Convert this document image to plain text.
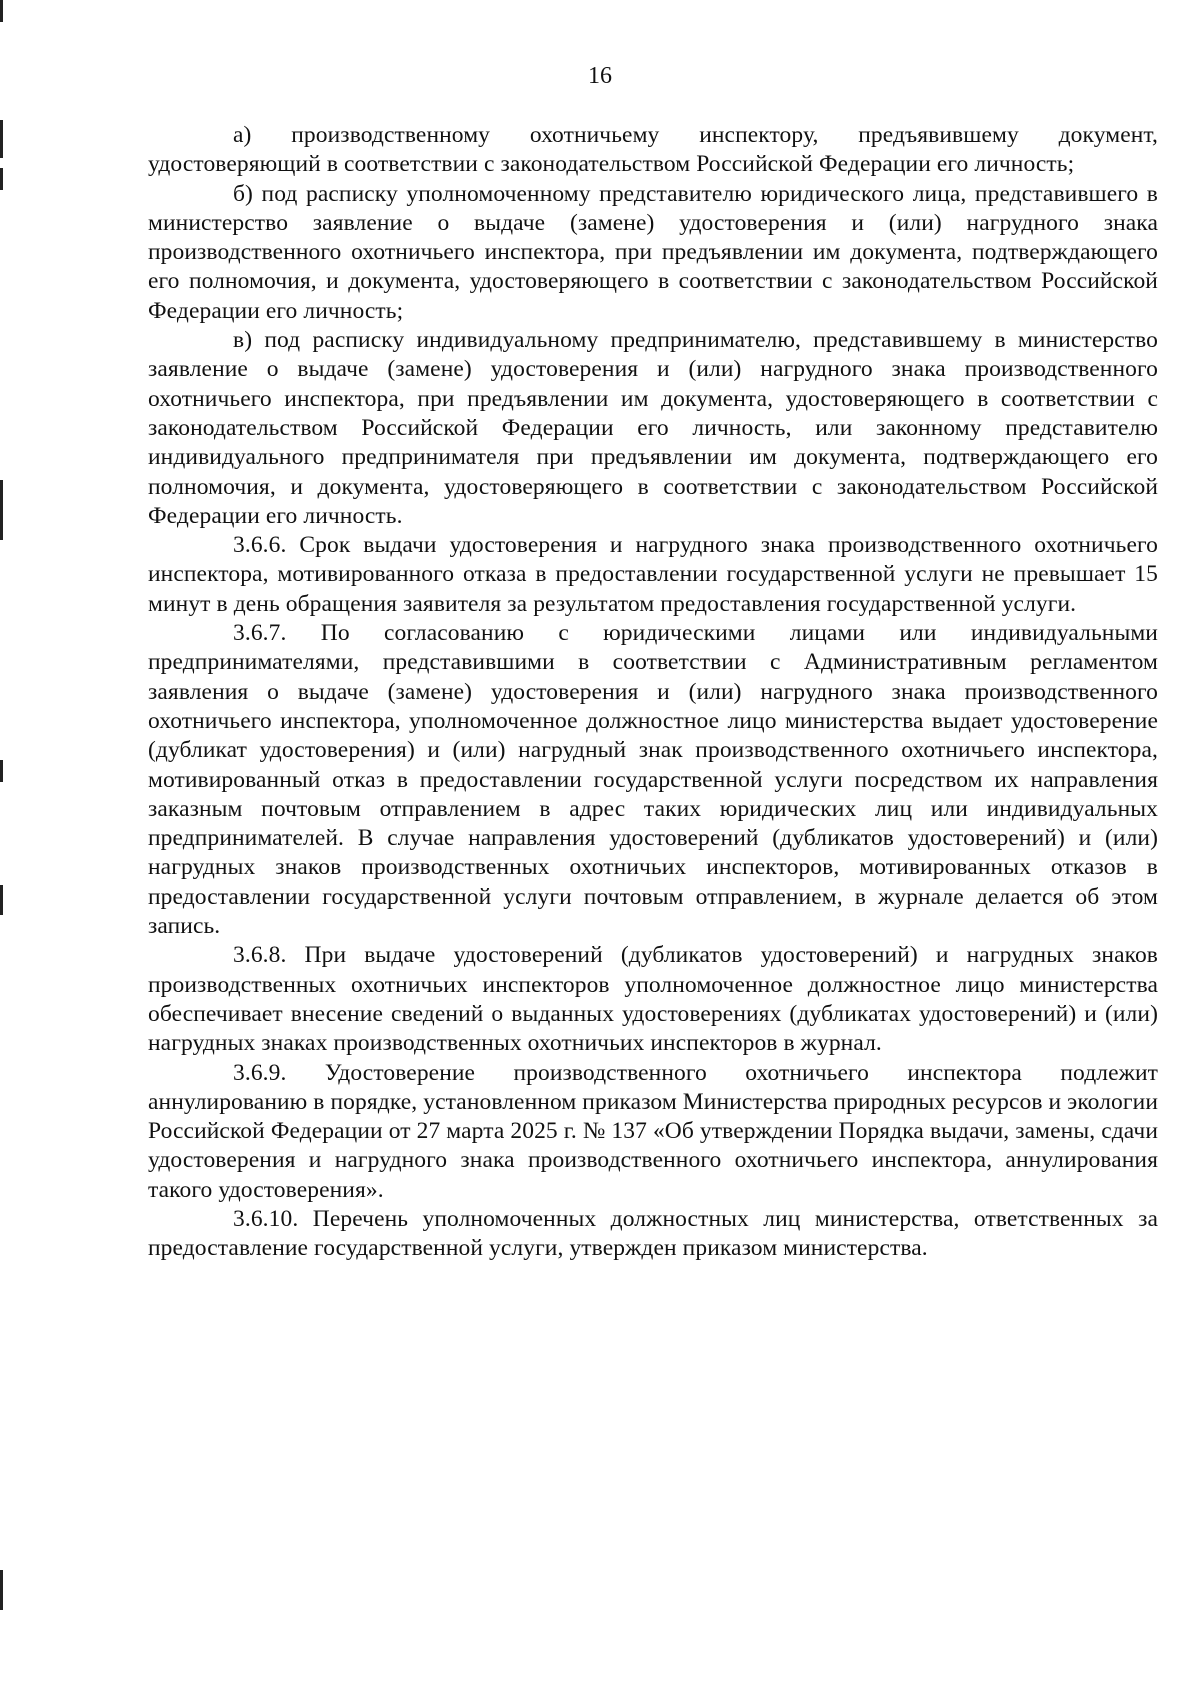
16

а) производственному охотничьему инспектору, предъявившему документ, удостоверяющий в соответствии с законодательством Российской Федерации его личность;

б) под расписку уполномоченному представителю юридического лица, представившего в министерство заявление о выдаче (замене) удостоверения и (или) нагрудного знака производственного охотничьего инспектора, при предъявлении им документа, подтверждающего его полномочия, и документа, удостоверяющего в соответствии с законодательством Российской Федерации его личность;

в) под расписку индивидуальному предпринимателю, представившему в министерство заявление о выдаче (замене) удостоверения и (или) нагрудного знака производственного охотничьего инспектора, при предъявлении им документа, удостоверяющего в соответствии с законодательством Российской Федерации его личность, или законному представителю индивидуального предпринимателя при предъявлении им документа, подтверждающего его полномочия, и документа, удостоверяющего в соответствии с законодательством Российской Федерации его личность.

3.6.6. Срок выдачи удостоверения и нагрудного знака производственного охотничьего инспектора, мотивированного отказа в предоставлении государственной услуги не превышает 15 минут в день обращения заявителя за результатом предоставления государственной услуги.

3.6.7. По согласованию с юридическими лицами или индивидуальными предпринимателями, представившими в соответствии с Административным регламентом заявления о выдаче (замене) удостоверения и (или) нагрудного знака производственного охотничьего инспектора, уполномоченное должностное лицо министерства выдает удостоверение (дубликат удостоверения) и (или) нагрудный знак производственного охотничьего инспектора, мотивированный отказ в предоставлении государственной услуги посредством их направления заказным почтовым отправлением в адрес таких юридических лиц или индивидуальных предпринимателей. В случае направления удостоверений (дубликатов удостоверений) и (или) нагрудных знаков производственных охотничьих инспекторов, мотивированных отказов в предоставлении государственной услуги почтовым отправлением, в журнале делается об этом запись.

3.6.8. При выдаче удостоверений (дубликатов удостоверений) и нагрудных знаков производственных охотничьих инспекторов уполномоченное должностное лицо министерства обеспечивает внесение сведений о выданных удостоверениях (дубликатах удостоверений) и (или) нагрудных знаках производственных охотничьих инспекторов в журнал.

3.6.9. Удостоверение производственного охотничьего инспектора подлежит аннулированию в порядке, установленном приказом Министерства природных ресурсов и экологии Российской Федерации от 27 марта 2025 г. № 137 «Об утверждении Порядка выдачи, замены, сдачи удостоверения и нагрудного знака производственного охотничьего инспектора, аннулирования такого удостоверения».

3.6.10. Перечень уполномоченных должностных лиц министерства, ответственных за предоставление государственной услуги, утвержден приказом министерства.
